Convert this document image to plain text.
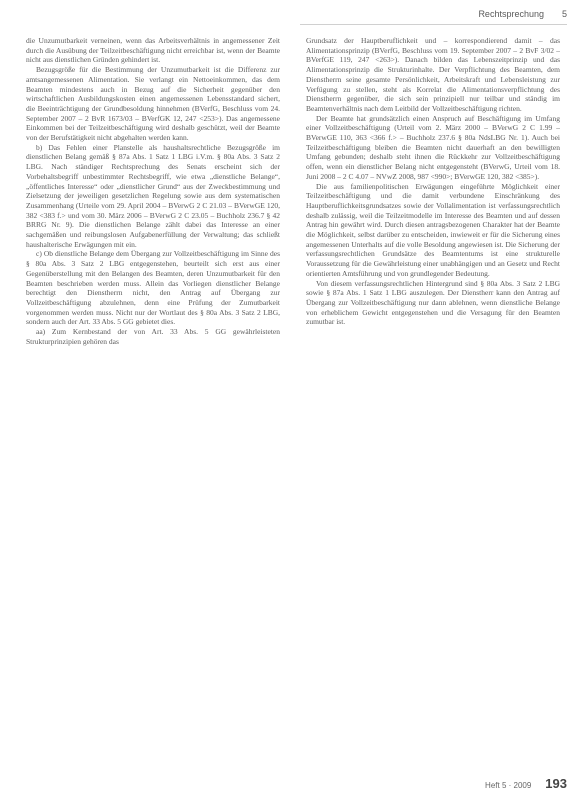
Rechtsprechung 5

die Unzumutbarkeit verneinen, wenn das Arbeitsverhältnis in angemessener Zeit durch die Ausübung der Teilzeitbeschäftigung nicht erreichbar ist, wenn der Beamte nicht aus dienstlichen Gründen gehindert ist.

Bezugsgröße für die Bestimmung der Unzumutbarkeit ist die Differenz zur amtsangemessenen Alimentation. Sie verlangt ein Nettoeinkommen, das dem Beamten mindestens auch in Bezug auf die Sicherheit gegenüber den wirtschaftlichen Ausbildungskosten einen angemessenen Lebensstandard sichert, die Beeinträchtigung der Grundbesoldung hinnehmen (BVerfG, Beschluss vom 24. September 2007 – 2 BvR 1673/03 – BVerfGK 12, 247 <253>). Das angemessene Einkommen bei der Teilzeitbeschäftigung wird deshalb geschützt, weil der Beamte von der Berufstätigkeit nicht abgehalten werden kann.

b) Das Fehlen einer Planstelle als haushaltsrechtliche Bezugsgröße im dienstlichen Belang gemäß § 87a Abs. 1 Satz 1 LBG i.V.m. § 80a Abs. 3 Satz 2 LBG. Nach ständiger Rechtsprechung des Senats erscheint sich der Vorbehaltsbegriff unbestimmter Rechtsbegriff, wie etwa „dienstliche Belange“, „öffentliches Interesse“ oder „dienstlicher Grund“ aus der Zweckbestimmung und Zielsetzung der jeweiligen gesetzlichen Regelung sowie aus dem systematischen Zusammenhang (Urteile vom 29. April 2004 – BVerwG 2 C 21.03 – BVerwGE 120, 382 <383 f.> und vom 30. März 2006 – BVerwG 2 C 23.05 – Buchholz 236.7 § 42 BRRG Nr. 9). Die dienstlichen Belange zählt dabei das Interesse an einer sachgemäßen und reibungslosen Aufgabenerfüllung der Verwaltung; das schließt haushalterische Erwägungen mit ein.

c) Ob dienstliche Belange dem Übergang zur Vollzeitbeschäftigung im Sinne des § 80a Abs. 3 Satz 2 LBG entgegenstehen, beurteilt sich erst aus einer Gegenüberstellung mit den Belangen des Beamten, deren Unzumutbarkeit für den Beamten beschrieben werden muss. Allein das Vorliegen dienstlicher Belange berechtigt den Dienstherrn nicht, den Antrag auf Übergang zur Vollzeitbeschäftigung abzulehnen, denn eine Prüfung der Zumutbarkeit vorgenommen werden muss. Nicht nur der Wortlaut des § 80a Abs. 3 Satz 2 LBG, sondern auch der Art. 33 Abs. 5 GG gebietet dies.

aa) Zum Kernbestand der von Art. 33 Abs. 5 GG gewährleisteten Strukturprinzipien gehören das

Grundsatz der Hauptberuflichkeit und – korrespondierend damit – das Alimentationsprinzip (BVerfG, Beschluss vom 19. September 2007 – 2 BvF 3/02 – BVerfGE 119, 247 <263>). Danach bilden das Lebenszeitprinzip und das Alimentationsprinzip die Strukturinhalte. Der Verpflichtung des Beamten, dem Dienstherrn seine gesamte Persönlichkeit, Arbeitskraft und Lebensleistung zur Verfügung zu stellen, steht als Korrelat die Alimentationsverpflichtung des Dienstherrn gegenüber, die sich sein prinzipiell nur teilbar und ständig im Beamtenverhältnis nach dem Leitbild der Vollzeitbeschäftigung richten.

Der Beamte hat grundsätzlich einen Anspruch auf Beschäftigung im Umfang einer Vollzeitbeschäftigung (Urteil vom 2. März 2000 – BVerwG 2 C 1.99 – BVerwGE 110, 363 <366 f.> – Buchholz 237.6 § 80a NdsLBG Nr. 1). Auch bei Teilzeitbeschäftigung bleiben die Beamten nicht dauerhaft an den bewilligten Umfang gebunden; deshalb steht ihnen die Rückkehr zur Vollzeitbeschäftigung offen, wenn ein dienstlicher Belang nicht entgegensteht (BVerwG, Urteil vom 18. Juni 2008 – 2 C 4.07 – NVwZ 2008, 987 <990>; BVerwGE 120, 382 <385>).

Die aus familienpolitischen Erwägungen eingeführte Möglichkeit einer Teilzeitbeschäftigung und die damit verbundene Einschränkung des Hauptberuflichkeitsgrundsatzes sowie der Vollalimentation ist verfassungsrechtlich deshalb zulässig, weil die Teilzeitmodelle im Interesse des Beamten und auf dessen Antrag hin gewährt wird. Durch diesen antragsbezogenen Charakter hat der Beamte die Möglichkeit, selbst darüber zu entscheiden, inwieweit er für die Sicherung eines angemessenen Unterhalts auf die volle Besoldung angewiesen ist. Die Sicherung der verfassungsrechtlichen Grundsätze des Beamtentums ist eine strukturelle Voraussetzung für die Gewährleistung einer unabhängigen und an Gesetz und Recht orientierten Amtsführung und von grundlegender Bedeutung.

Von diesem verfassungsrechtlichen Hintergrund sind § 80a Abs. 3 Satz 2 LBG sowie § 87a Abs. 1 Satz 1 LBG auszulegen. Der Dienstherr kann den Antrag auf Übergang zur Vollzeitbeschäftigung nur dann ablehnen, wenn dienstliche Belange von erheblichem Gewicht entgegenstehen und die Versagung für den Beamten zumutbar ist.

Heft 5 · 2009 193
